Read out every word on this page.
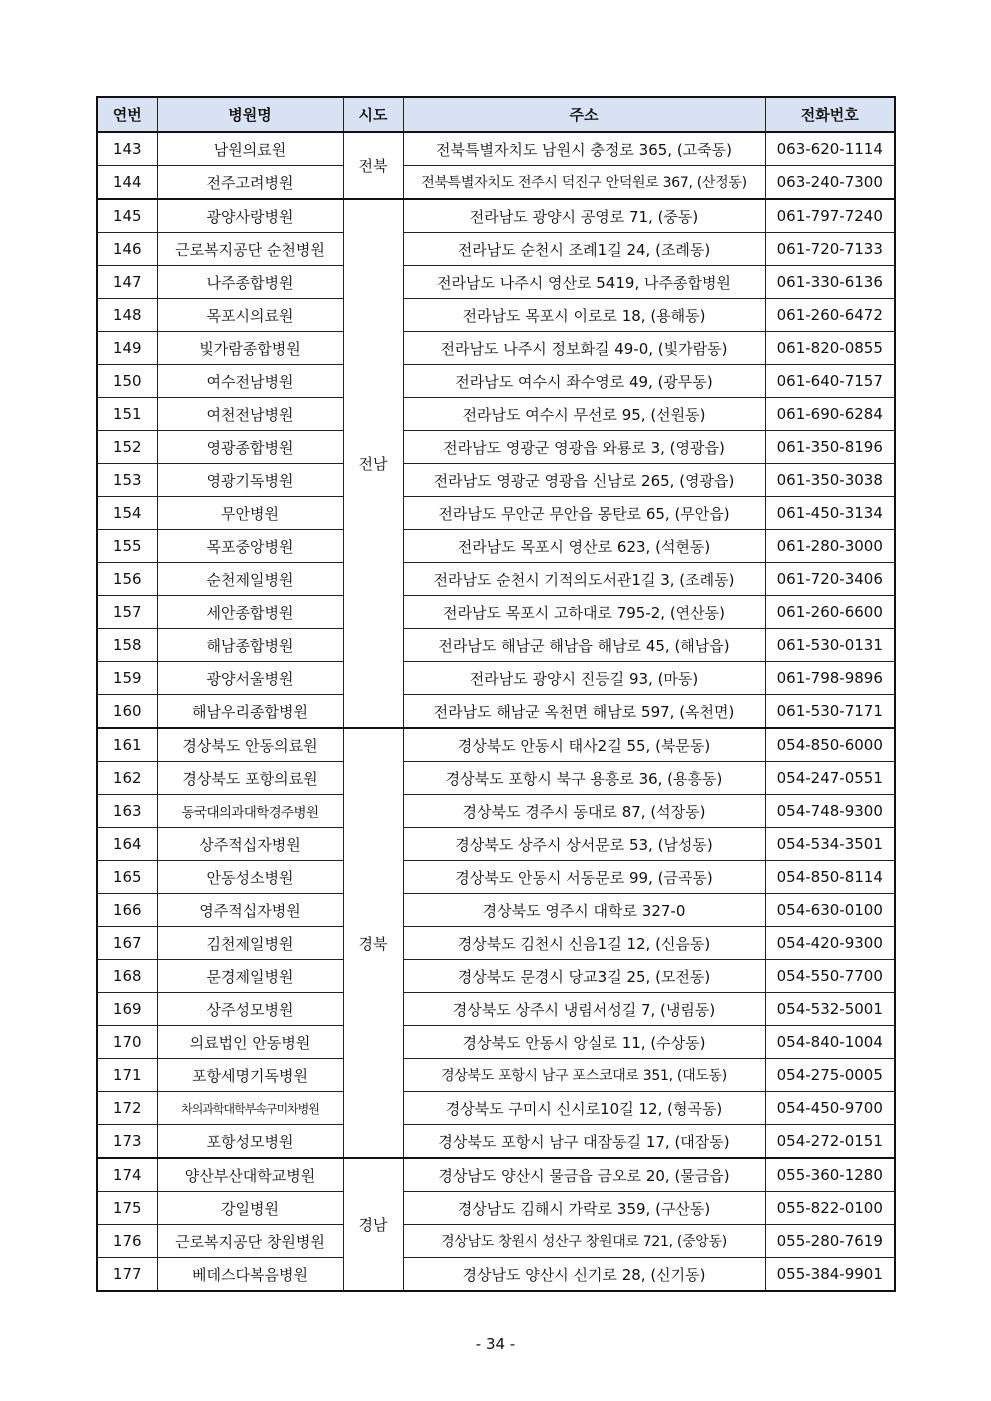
연번	병원명	시도	주소	전화번호
143	남원의료원	전북	전북특별자치도 남원시 충정로 365, (고죽동)	063-620-1114
144	전주고려병원		전북특별자치도 전주시 덕진구 안덕원로 367, (산정동)	063-240-7300
145	광양사랑병원	전남	전라남도 광양시 공영로 71, (중동)	061-797-7240
146	근로복지공단 순천병원		전라남도 순천시 조례1길 24, (조례동)	061-720-7133
147	나주종합병원		전라남도 나주시 영산로 5419, 나주종합병원	061-330-6136
148	목포시의료원		전라남도 목포시 이로로 18, (용해동)	061-260-6472
149	빛가람종합병원		전라남도 나주시 정보화길 49-0, (빛가람동)	061-820-0855
150	여수전남병원		전라남도 여수시 좌수영로 49, (광무동)	061-640-7157
151	여천전남병원		전라남도 여수시 무선로 95, (선원동)	061-690-6284
152	영광종합병원		전라남도 영광군 영광읍 와룡로 3, (영광읍)	061-350-8196
153	영광기독병원		전라남도 영광군 영광읍 신남로 265, (영광읍)	061-350-3038
154	무안병원		전라남도 무안군 무안읍 몽탄로 65, (무안읍)	061-450-3134
155	목포중앙병원		전라남도 목포시 영산로 623, (석현동)	061-280-3000
156	순천제일병원		전라남도 순천시 기적의도서관1길 3, (조례동)	061-720-3406
157	세안종합병원		전라남도 목포시 고하대로 795-2, (연산동)	061-260-6600
158	해남종합병원		전라남도 해남군 해남읍 해남로 45, (해남읍)	061-530-0131
159	광양서울병원		전라남도 광양시 진등길 93, (마동)	061-798-9896
160	해남우리종합병원		전라남도 해남군 옥천면 해남로 597, (옥천면)	061-530-7171
161	경상북도 안동의료원	경북	경상북도 안동시 태사2길 55, (북문동)	054-850-6000
162	경상북도 포항의료원		경상북도 포항시 북구 용흥로 36, (용흥동)	054-247-0551
163	동국대의과대학경주병원		경상북도 경주시 동대로 87, (석장동)	054-748-9300
164	상주적십자병원		경상북도 상주시 상서문로 53, (남성동)	054-534-3501
165	안동성소병원		경상북도 안동시 서동문로 99, (금곡동)	054-850-8114
166	영주적십자병원		경상북도 영주시 대학로 327-0	054-630-0100
167	김천제일병원		경상북도 김천시 신음1길 12, (신음동)	054-420-9300
168	문경제일병원		경상북도 문경시 당교3길 25, (모전동)	054-550-7700
169	상주성모병원		경상북도 상주시 냉림서성길 7, (냉림동)	054-532-5001
170	의료법인 안동병원		경상북도 안동시 앙실로 11, (수상동)	054-840-1004
171	포항세명기독병원		경상북도 포항시 남구 포스코대로 351, (대도동)	054-275-0005
172	차의과학대학부속구미차병원		경상북도 구미시 신시로10길 12, (형곡동)	054-450-9700
173	포항성모병원		경상북도 포항시 남구 대잠동길 17, (대잠동)	054-272-0151
174	양산부산대학교병원	경남	경상남도 양산시 물금읍 금오로 20, (물금읍)	055-360-1280
175	강일병원		경상남도 김해시 가락로 359, (구산동)	055-822-0100
176	근로복지공단 창원병원		경상남도 창원시 성산구 창원대로 721, (중앙동)	055-280-7619
177	베데스다복음병원		경상남도 양산시 신기로 28, (신기동)	055-384-9901
- 34 -
